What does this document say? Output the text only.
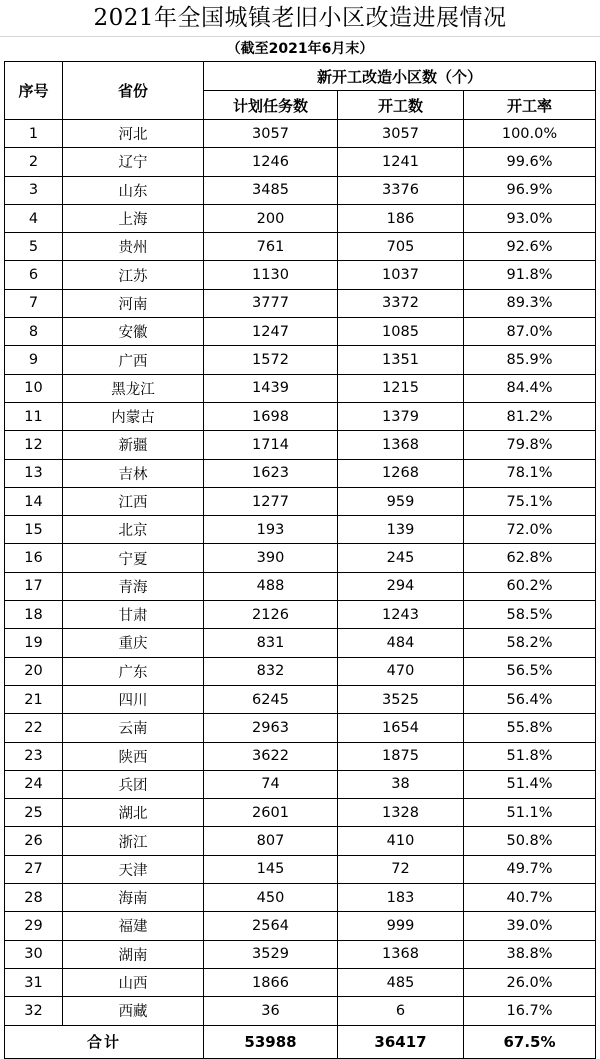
2021年全国城镇老旧小区改造进展情况
（截至2021年6月末）
序号	省份	新开工改造小区数（个）		
		计划任务数	开工数	开工率
1	河北	3057	3057	100.0%
2	辽宁	1246	1241	99.6%
3	山东	3485	3376	96.9%
4	上海	200	186	93.0%
5	贵州	761	705	92.6%
6	江苏	1130	1037	91.8%
7	河南	3777	3372	89.3%
8	安徽	1247	1085	87.0%
9	广西	1572	1351	85.9%
10	黑龙江	1439	1215	84.4%
11	内蒙古	1698	1379	81.2%
12	新疆	1714	1368	79.8%
13	吉林	1623	1268	78.1%
14	江西	1277	959	75.1%
15	北京	193	139	72.0%
16	宁夏	390	245	62.8%
17	青海	488	294	60.2%
18	甘肃	2126	1243	58.5%
19	重庆	831	484	58.2%
20	广东	832	470	56.5%
21	四川	6245	3525	56.4%
22	云南	2963	1654	55.8%
23	陕西	3622	1875	51.8%
24	兵团	74	38	51.4%
25	湖北	2601	1328	51.1%
26	浙江	807	410	50.8%
27	天津	145	72	49.7%
28	海南	450	183	40.7%
29	福建	2564	999	39.0%
30	湖南	3529	1368	38.8%
31	山西	1866	485	26.0%
32	西藏	36	6	16.7%
合计		53988	36417	67.5%
